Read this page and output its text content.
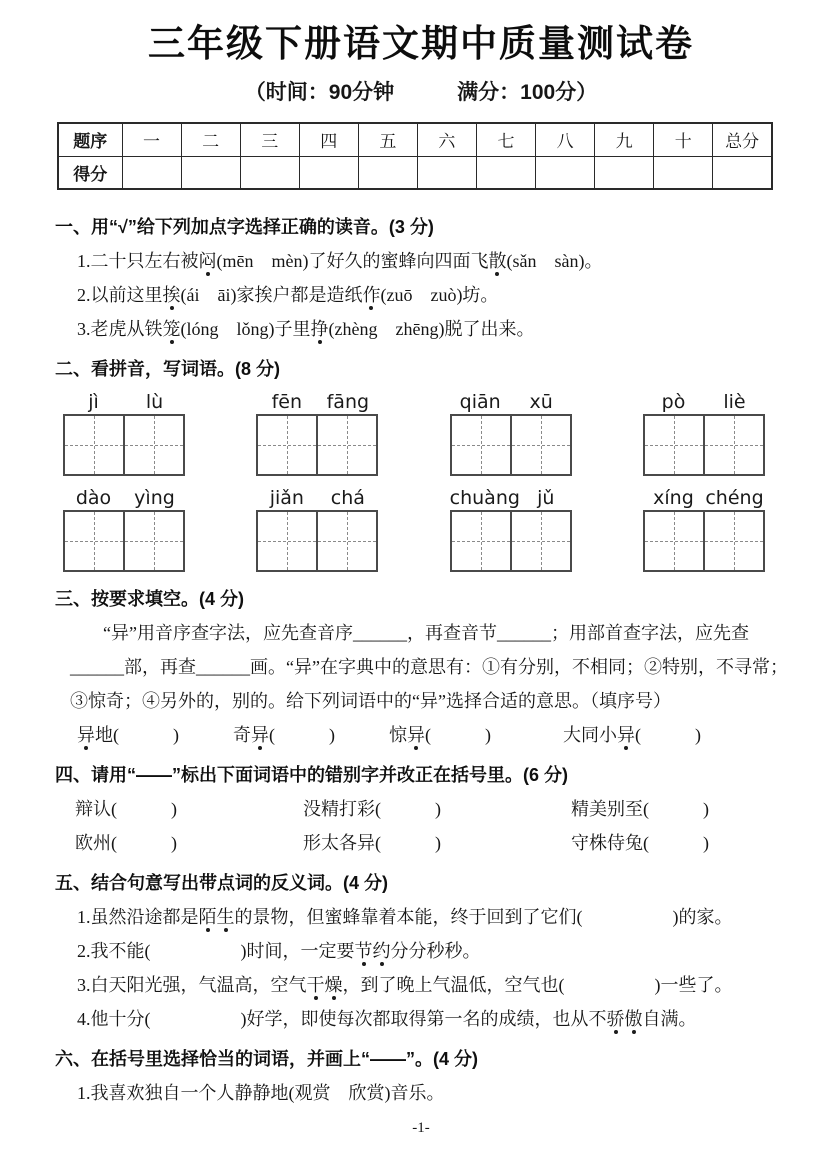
三年级下册语文期中质量测试卷
（时间：90分钟　　　满分：100分）
题序	一	二	三	四	五	六	七	八	九	十	总分
得分											
一、用“√”给下列加点字选择正确的读音。(3 分)
1.二十只左右被闷(mēn　mèn)了好久的蜜蜂向四面飞散(sǎn　sàn)。
2.以前这里挨(ái　āi)家挨户都是造纸作(zuō　zuò)坊。
3.老虎从铁笼(lóng　lǒng)子里挣(zhèng　zhēng)脱了出来。
二、看拼音，写词语。(8 分)
jì	lù	fēn	fāng	qiān	xū	pò	liè
dào	yìng	jiǎn	chá	chuàng jǔ	xíng chéng
三、按要求填空。(4 分)
“异”用音序查字法，应先查音序______，再查音节______；用部首查字法，应先查
______部，再查______画。“异”在字典中的意思有：①有分别，不相同；②特别，不寻常；
③惊奇；④另外的，别的。给下列词语中的“异”选择合适的意思。（填序号）
异地(　　　)　　　奇异(　　　)　　　惊异(　　　)　　　　大同小异(　　　)
四、请用“——”标出下面词语中的错别字并改正在括号里。(6 分)
辩认(　　　)	没精打彩(　　　)	精美别至(　　　)
欧州(　　　)	形太各异(　　　)	守株侍兔(　　　)
五、结合句意写出带点词的反义词。(4 分)
1.虽然沿途都是陌生的景物，但蜜蜂靠着本能，终于回到了它们(　　　　　)的家。
2.我不能(　　　　　)时间，一定要节约分分秒秒。
3.白天阳光强，气温高，空气干燥，到了晚上气温低，空气也(　　　　　)一些了。
4.他十分(　　　　　)好学，即使每次都取得第一名的成绩，也从不骄傲自满。
六、在括号里选择恰当的词语，并画上“——”。(4 分)
1.我喜欢独自一个人静静地(观赏　欣赏)音乐。
-1-
